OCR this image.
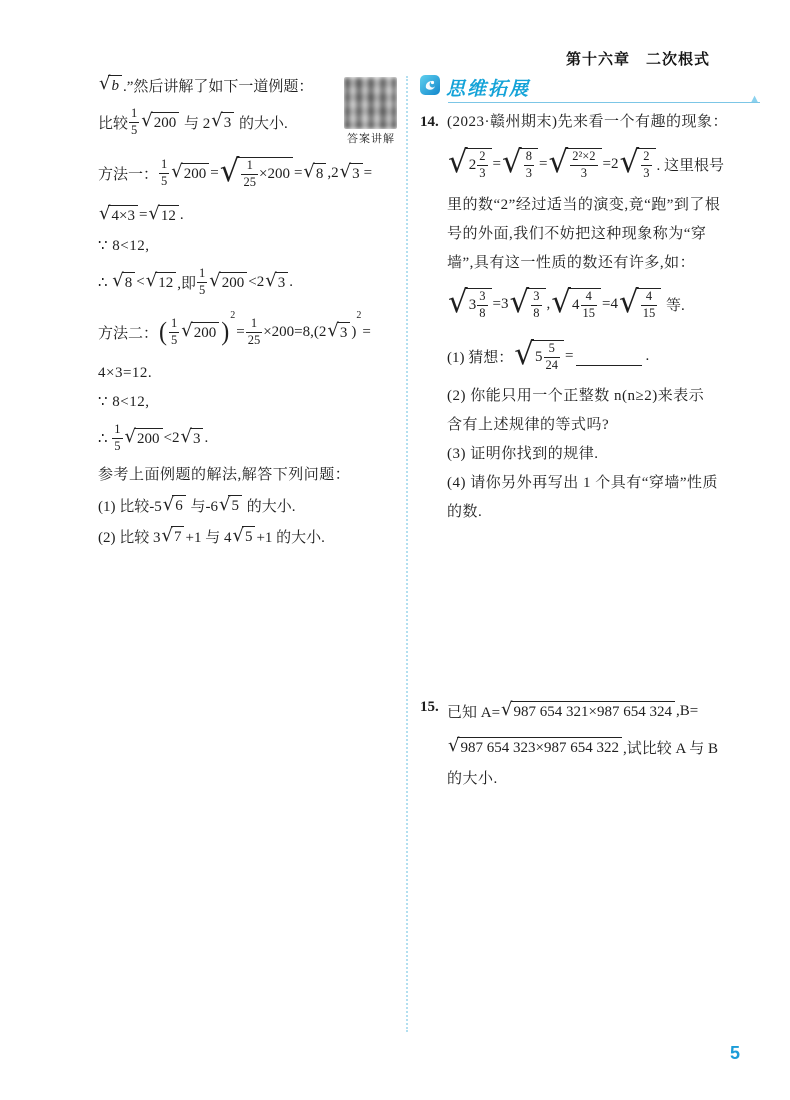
第十六章　二次根式
答案讲解
√ b .”然后讲解了如下一道例题：
比较 $\frac{1}{5}$ √ 200 与 2 √ 3 的大小.
方法一： $\frac{1}{5}$ √ 200 = √ $\frac{1}{25} \times 200$ = √ 8 ,2 √ 3 =
√ 4×3 = √ 12 .
∵ 8<12,
∴ √ 8 < √ 12 ,即 $\frac{1}{5}$ √ 200 <2 √ 3 .
方法二： ( $\frac{1}{5}$ √ 200 )
2
= $\frac{1}{25} \times 200=8,(2$ √ 3 )
2
=
4×3=12.
∵ 8<12,
∴ $\frac{1}{5}$ √ 200 <2 √ 3 .
参考上面例题的解法,解答下列问题：
(1) 比较-5 √ 6 与-6 √ 5 的大小.
(2) 比较 3 √ 7 +1 与 4 √ 5 +1 的大小.
思维拓展	▲
14. (2023·赣州期末)先来看一个有趣的现象：
√ $2 \frac{2}{3}$ = √ $\frac{8}{3}$ = √ $\frac{\text{2²×2}}{3} =2$ √ $\frac{2}{3}$ . 这里根号
里的数“2”经过适当的演变,竟“跑”到了根
号的外面,我们不妨把这种现象称为“穿
墙”,具有这一性质的数还有许多,如：
√ $3 \frac{3}{8} =3$ √ $\frac{3}{8}$ , √ $4 \frac{4}{15} =4$ √ $\frac{4}{15}$ 等.
(1) 猜想： √ $5 \frac{5}{24}$ =	.
(2) 你能只用一个正整数 n(n≥2)来表示
含有上述规律的等式吗?
(3) 证明你找到的规律.
(4) 请你另外再写出 1 个具有“穿墙”性质
的数.
15. 已知 A= √ 987 654 321×987 654 324 ,B=
√ 987 654 323×987 654 322 ,试比较 A 与 B
的大小.
5
